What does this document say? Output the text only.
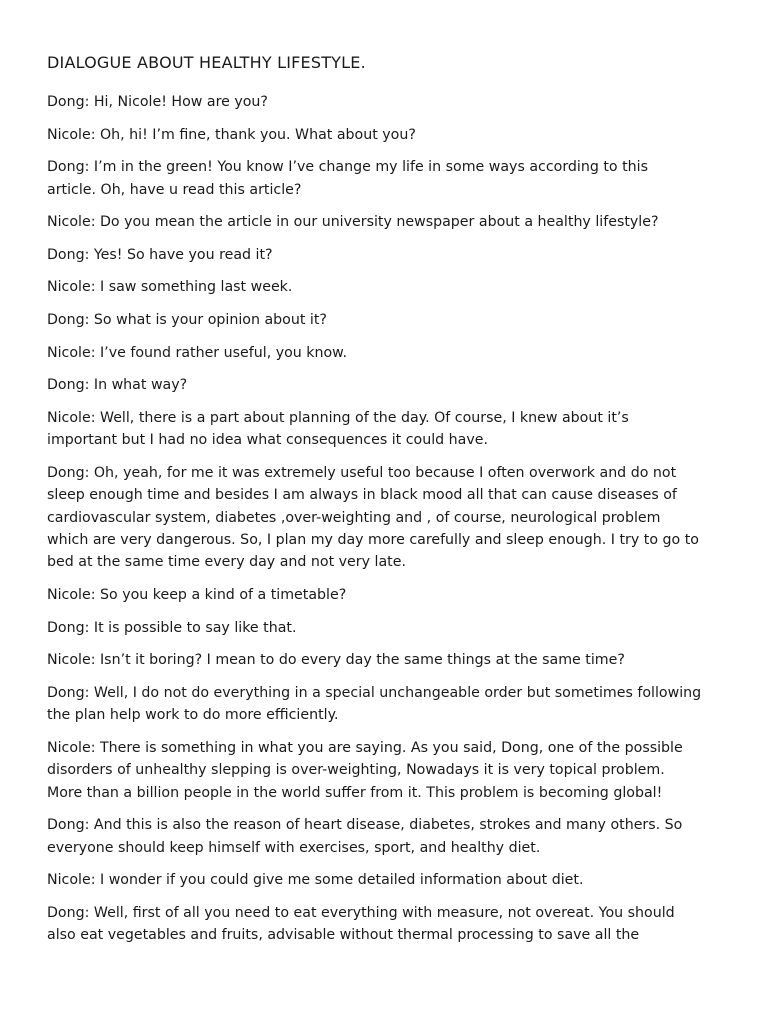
DIALOGUE ABOUT HEALTHY LIFESTYLE.
Dong: Hi, Nicole! How are you?
Nicole: Oh, hi! I’m fine, thank you. What about you?
Dong: I’m in the green! You know I’ve change my life in some ways according to this
article. Oh, have u read this article?
Nicole: Do you mean the article in our university newspaper about a healthy lifestyle?
Dong: Yes! So have you read it?
Nicole: I saw something last week.
Dong: So what is your opinion about it?
Nicole: I’ve found rather useful, you know.
Dong: In what way?
Nicole: Well, there is a part about planning of the day. Of course, I knew about it’s
important but I had no idea what consequences it could have.
Dong: Oh, yeah, for me it was extremely useful too because I often overwork and do not
sleep enough time and besides I am always in black mood all that can cause diseases of
cardiovascular system, diabetes ,over-weighting and , of course, neurological problem
which are very dangerous. So, I plan my day more carefully and sleep enough. I try to go to
bed at the same time every day and not very late.
Nicole: So you keep a kind of a timetable?
Dong: It is possible to say like that.
Nicole: Isn’t it boring? I mean to do every day the same things at the same time?
Dong: Well, I do not do everything in a special unchangeable order but sometimes following
the plan help work to do more efficiently.
Nicole: There is something in what you are saying. As you said, Dong, one of the possible
disorders of unhealthy slepping is over-weighting, Nowadays it is very topical problem.
More than a billion people in the world suffer from it. This problem is becoming global!
Dong: And this is also the reason of heart disease, diabetes, strokes and many others. So
everyone should keep himself with exercises, sport, and healthy diet.
Nicole: I wonder if you could give me some detailed information about diet.
Dong: Well, first of all you need to eat everything with measure, not overeat. You should
also eat vegetables and fruits, advisable without thermal processing to save all the
